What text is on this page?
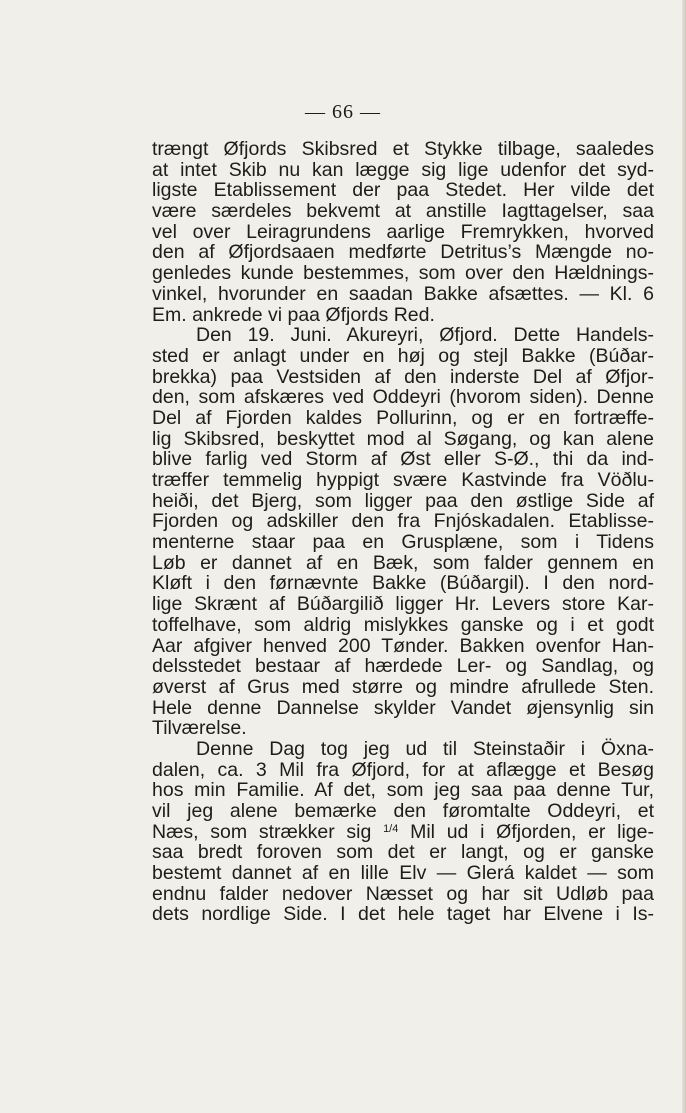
— 66 —
trængt Øfjords Skibsred et Stykke tilbage, saaledes
at intet Skib nu kan lægge sig lige udenfor det syd-
ligste Etablissement der paa Stedet. Her vilde det
være særdeles bekvemt at anstille Iagttagelser, saa
vel over Leiragrundens aarlige Fremrykken, hvorved
den af Øfjordsaaen medførte Detritus’s Mængde no-
genledes kunde bestemmes, som over den Hældnings-
vinkel, hvorunder en saadan Bakke afsættes. — Kl. 6
Em. ankrede vi paa Øfjords Red.
Den 19. Juni. Akureyri, Øfjord. Dette Handels-
sted er anlagt under en høj og stejl Bakke (Búðar-
brekka) paa Vestsiden af den inderste Del af Øfjor-
den, som afskæres ved Oddeyri (hvorom siden). Denne
Del af Fjorden kaldes Pollurinn, og er en fortræffe-
lig Skibsred, beskyttet mod al Søgang, og kan alene
blive farlig ved Storm af Øst eller S-Ø., thi da ind-
træffer temmelig hyppigt svære Kastvinde fra Vöðlu-
heiði, det Bjerg, som ligger paa den østlige Side af
Fjorden og adskiller den fra Fnjóskadalen. Etablisse-
menterne staar paa en Grusplæne, som i Tidens
Løb er dannet af en Bæk, som falder gennem en
Kløft i den førnævnte Bakke (Búðargil). I den nord-
lige Skrænt af Búðargilið ligger Hr. Levers store Kar-
toffelhave, som aldrig mislykkes ganske og i et godt
Aar afgiver henved 200 Tønder. Bakken ovenfor Han-
delsstedet bestaar af hærdede Ler- og Sandlag, og
øverst af Grus med større og mindre afrullede Sten.
Hele denne Dannelse skylder Vandet øjensynlig sin
Tilværelse.
Denne Dag tog jeg ud til Steinstaðir i Öxna-
dalen, ca. 3 Mil fra Øfjord, for at aflægge et Besøg
hos min Familie. Af det, som jeg saa paa denne Tur,
vil jeg alene bemærke den føromtalte Oddeyri, et
Næs, som strækker sig $^{1/4}$ Mil ud i Øfjorden, er lige-
saa bredt foroven som det er langt, og er ganske
bestemt dannet af en lille Elv — Glerá kaldet — som
endnu falder nedover Næsset og har sit Udløb paa
dets nordlige Side. I det hele taget har Elvene i Is-
